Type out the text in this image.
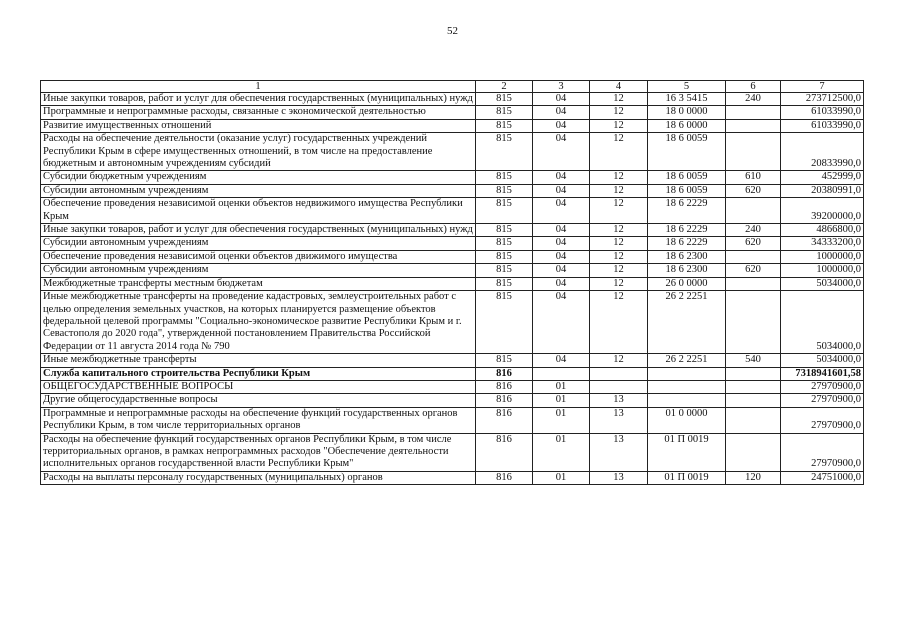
52
1	2	3	4	5	6	7
Иные закупки товаров, работ и услуг для обеспечения государственных (муниципальных) нужд	815	04	12	16 3 5415	240	273712500,0
Программные и непрограммные расходы, связанные с экономической деятельностью	815	04	12	18 0 0000		61033990,0
Развитие имущественных отношений	815	04	12	18 6 0000		61033990,0
Расходы на обеспечение деятельности (оказание услуг) государственных учреждений Республики Крым в сфере имущественных отношений, в том числе на предоставление бюджетным и автономным учреждениям субсидий	815	04	12	18 6 0059		20833990,0
Субсидии бюджетным учреждениям	815	04	12	18 6 0059	610	452999,0
Субсидии автономным учреждениям	815	04	12	18 6 0059	620	20380991,0
Обеспечение проведения независимой оценки объектов недвижимого имущества Республики Крым	815	04	12	18 6 2229		39200000,0
Иные закупки товаров, работ и услуг для обеспечения государственных (муниципальных) нужд	815	04	12	18 6 2229	240	4866800,0
Субсидии автономным учреждениям	815	04	12	18 6 2229	620	34333200,0
Обеспечение проведения независимой оценки объектов движимого имущества	815	04	12	18 6 2300		1000000,0
Субсидии автономным учреждениям	815	04	12	18 6 2300	620	1000000,0
Межбюджетные трансферты местным бюджетам	815	04	12	26 0 0000		5034000,0
Иные межбюджетные трансферты на проведение кадастровых, землеустроительных работ с целью определения земельных участков, на которых планируется размещение объектов федеральной целевой программы "Социально-экономическое развитие Республики Крым и г. Севастополя до 2020 года", утвержденной постановлением Правительства Российской Федерации от 11 августа 2014 года № 790	815	04	12	26 2 2251		5034000,0
Иные межбюджетные трансферты	815	04	12	26 2 2251	540	5034000,0
Служба капитального строительства Республики Крым	816					7318941601,58
ОБЩЕГОСУДАРСТВЕННЫЕ ВОПРОСЫ	816	01				27970900,0
Другие общегосударственные вопросы	816	01	13			27970900,0
Программные и непрограммные расходы на обеспечение функций государственных органов Республики Крым, в том числе территориальных органов	816	01	13	01 0 0000		27970900,0
Расходы на обеспечение функций государственных органов Республики Крым, в том числе территориальных органов, в рамках непрограммных расходов "Обеспечение деятельности исполнительных органов государственной власти Республики Крым"	816	01	13	01 П 0019		27970900,0
Расходы на выплаты персоналу государственных (муниципальных) органов	816	01	13	01 П 0019	120	24751000,0
